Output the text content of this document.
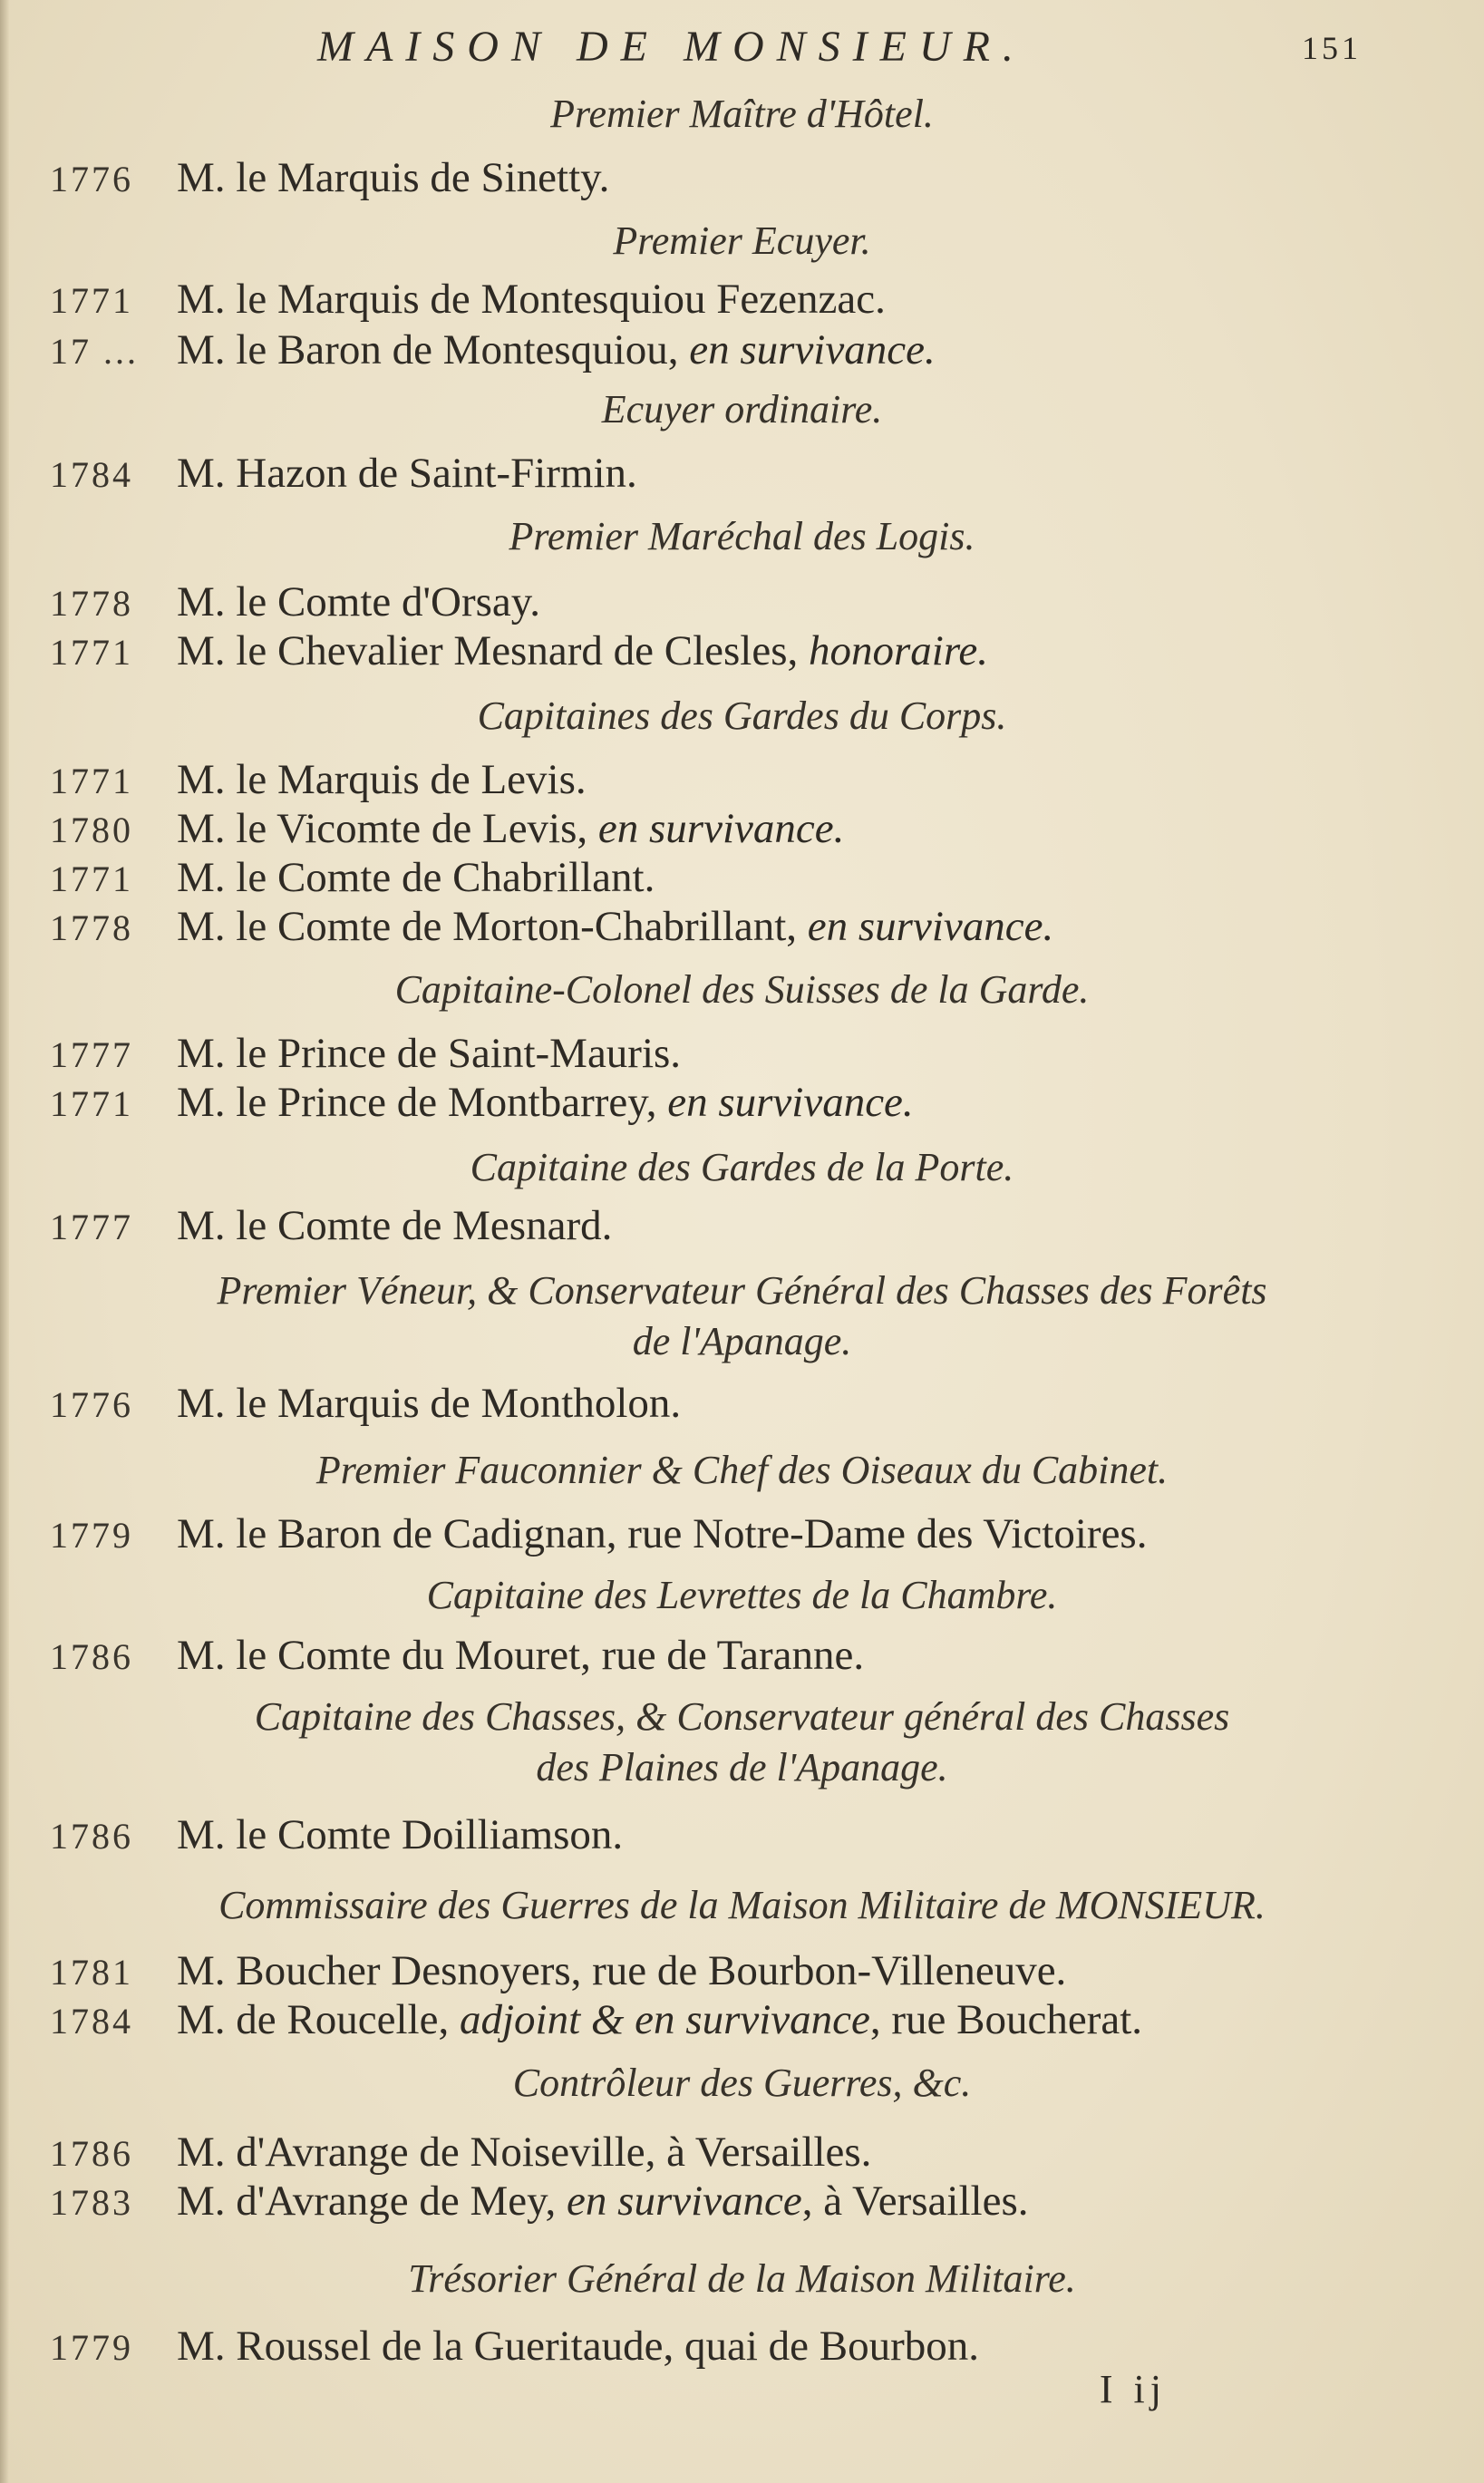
MAISON DE MONSIEUR.	151
Premier Maître d'Hôtel.
1776 M. le Marquis de Sinetty.
Premier Ecuyer.
1771 M. le Marquis de Montesquiou Fezenzac.
17 ... M. le Baron de Montesquiou, en survivance.
Ecuyer ordinaire.
1784 M. Hazon de Saint-Firmin.
Premier Maréchal des Logis.
1778 M. le Comte d'Orsay.
1771 M. le Chevalier Mesnard de Clesles, honoraire.
Capitaines des Gardes du Corps.
1771 M. le Marquis de Levis.
1780 M. le Vicomte de Levis, en survivance.
1771 M. le Comte de Chabrillant.
1778 M. le Comte de Morton-Chabrillant, en survivance.
Capitaine-Colonel des Suisses de la Garde.
1777 M. le Prince de Saint-Mauris.
1771 M. le Prince de Montbarrey, en survivance.
Capitaine des Gardes de la Porte.
1777 M. le Comte de Mesnard.
Premier Véneur, & Conservateur Général des Chasses des Forêts
de l'Apanage.
1776 M. le Marquis de Montholon.
Premier Fauconnier & Chef des Oiseaux du Cabinet.
1779 M. le Baron de Cadignan, rue Notre-Dame des Victoires.
Capitaine des Levrettes de la Chambre.
1786 M. le Comte du Mouret, rue de Taranne.
Capitaine des Chasses, & Conservateur général des Chasses
des Plaines de l'Apanage.
1786 M. le Comte Doilliamson.
Commissaire des Guerres de la Maison Militaire de MONSIEUR.
1781 M. Boucher Desnoyers, rue de Bourbon-Villeneuve.
1784 M. de Roucelle, adjoint & en survivance, rue Boucherat.
Contrôleur des Guerres, &c.
1786 M. d'Avrange de Noiseville, à Versailles.
1783 M. d'Avrange de Mey, en survivance, à Versailles.
Trésorier Général de la Maison Militaire.
1779 M. Roussel de la Gueritaude, quai de Bourbon.
I ij
